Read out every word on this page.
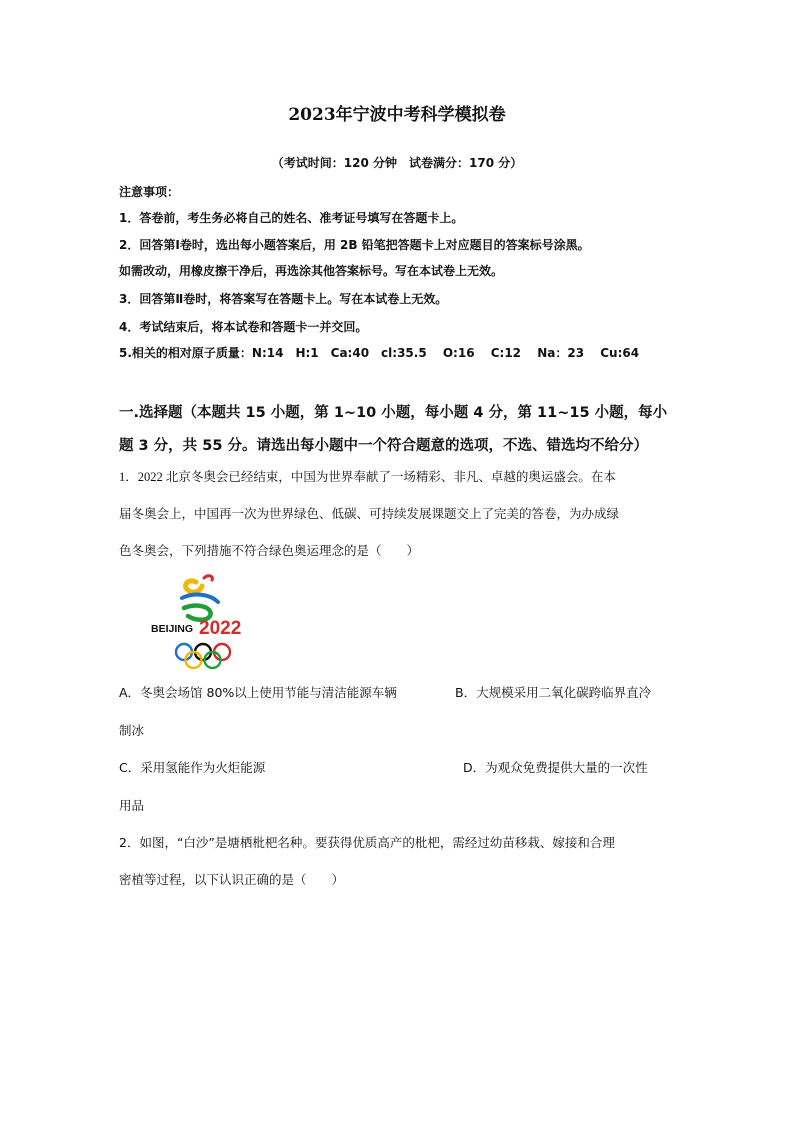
2023年宁波中考科学模拟卷
（考试时间：120 分钟　试卷满分：170 分）
注意事项：
1．答卷前，考生务必将自己的姓名、准考证号填写在答题卡上。
2．回答第Ⅰ卷时，选出每小题答案后，用 2B 铅笔把答题卡上对应题目的答案标号涂黑。
如需改动，用橡皮擦干净后，再选涂其他答案标号。写在本试卷上无效。
3．回答第Ⅱ卷时，将答案写在答题卡上。写在本试卷上无效。
4．考试结束后，将本试卷和答题卡一并交回。
5.相关的相对原子质量：N:14　H:1　Ca:40　cl:35.5　 O:16　 C:12　 Na：23　 Cu:64
一.选择题（本题共 15 小题，第 1~10 小题，每小题 4 分，第 11~15 小题，每小
题 3 分，共 55 分。请选出每小题中一个符合题意的选项，不选、错选均不给分）
1．2022 北京冬奥会已经结束，中国为世界奉献了一场精彩、非凡、卓越的奥运盛会。在本
届冬奥会上，中国再一次为世界绿色、低碳、可持续发展课题交上了完美的答卷，为办成绿
色冬奥会，下列措施不符合绿色奥运理念的是（　　）
BEIJING 2022
A．冬奥会场馆 80%以上使用节能与清洁能源车辆	B．大规模采用二氧化碳跨临界直冷
制冰
C．采用氢能作为火炬能源	D．为观众免费提供大量的一次性
用品
2．如图，“白沙”是塘栖枇杷名种。要获得优质高产的枇杷，需经过幼苗移栽、嫁接和合理
密植等过程，以下认识正确的是（　　）
